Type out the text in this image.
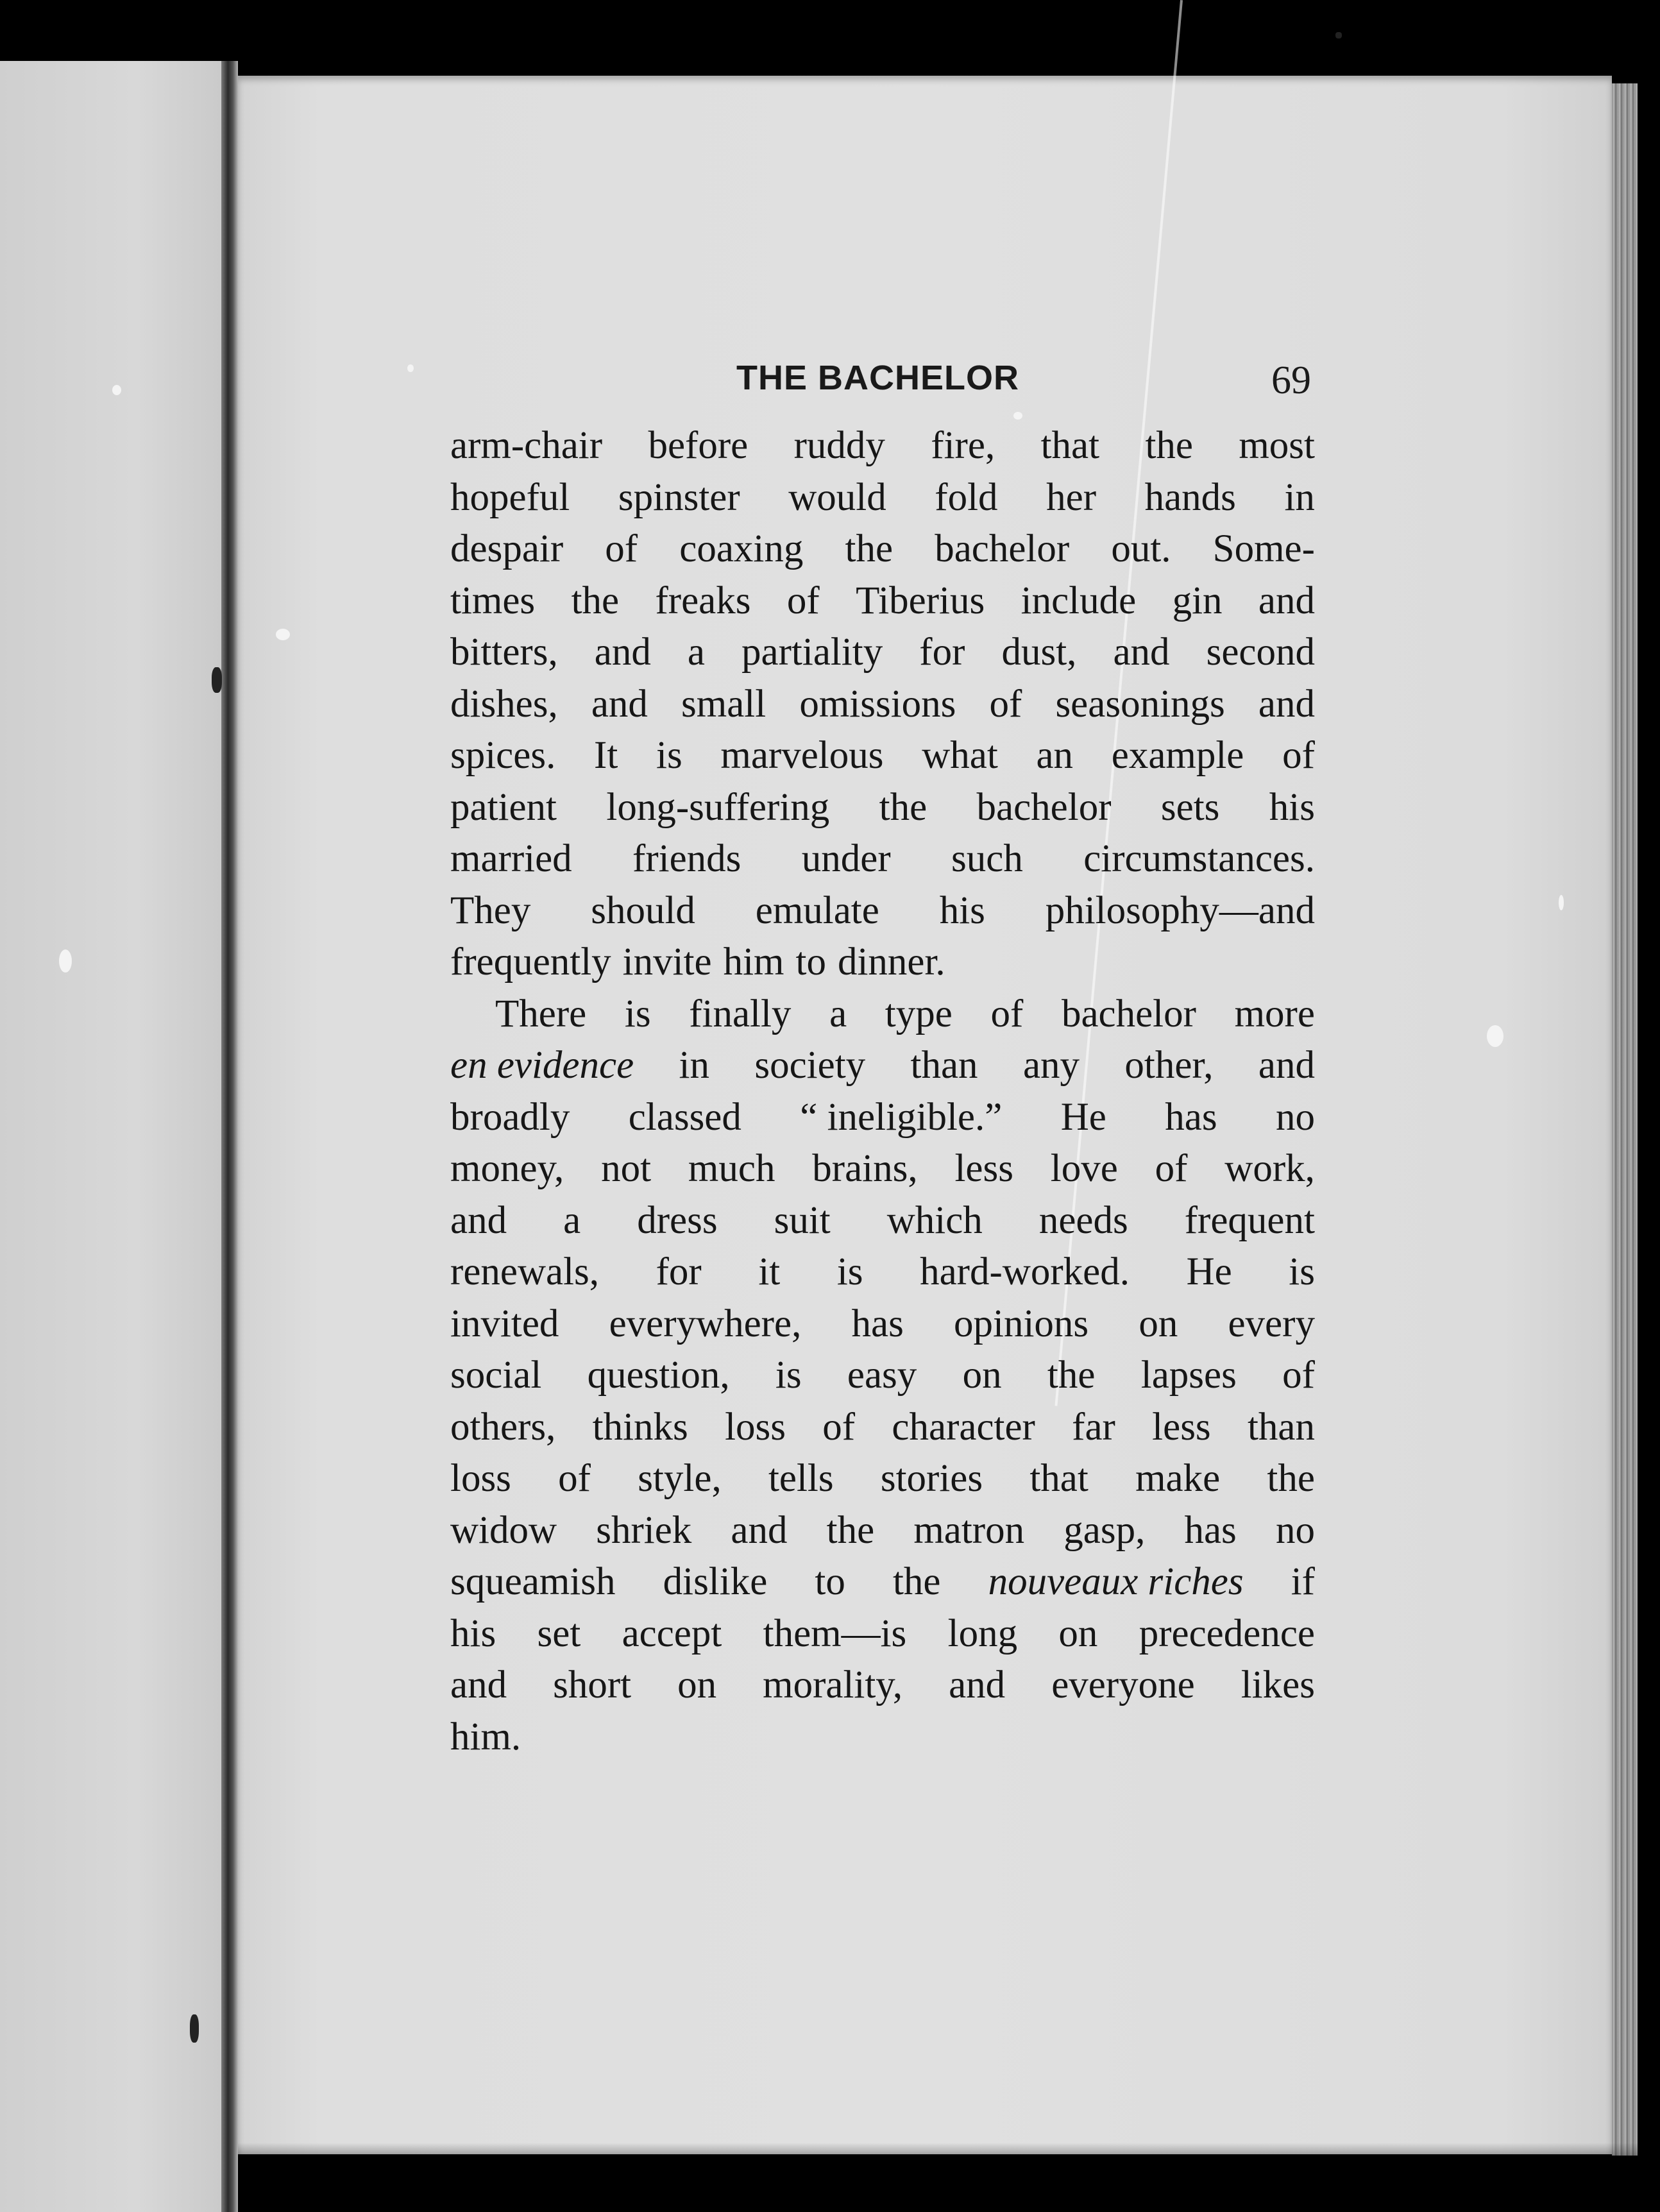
THE BACHELOR	69
arm-chair before ruddy fire, that the most
hopeful spinster would fold her hands in
despair of coaxing the bachelor out. Some-
times the freaks of Tiberius include gin and
bitters, and a partiality for dust, and second
dishes, and small omissions of seasonings and
spices. It is marvelous what an example of
patient long-suffering the bachelor sets his
married friends under such circumstances.
They should emulate his philosophy—and
frequently invite him to dinner.
There is finally a type of bachelor more
en evidence in society than any other, and
broadly classed “ ineligible.” He has no
money, not much brains, less love of work,
and a dress suit which needs frequent
renewals, for it is hard-worked. He is
invited everywhere, has opinions on every
social question, is easy on the lapses of
others, thinks loss of character far less than
loss of style, tells stories that make the
widow shriek and the matron gasp, has no
squeamish dislike to the nouveaux riches if
his set accept them—is long on precedence
and short on morality, and everyone likes
him.
